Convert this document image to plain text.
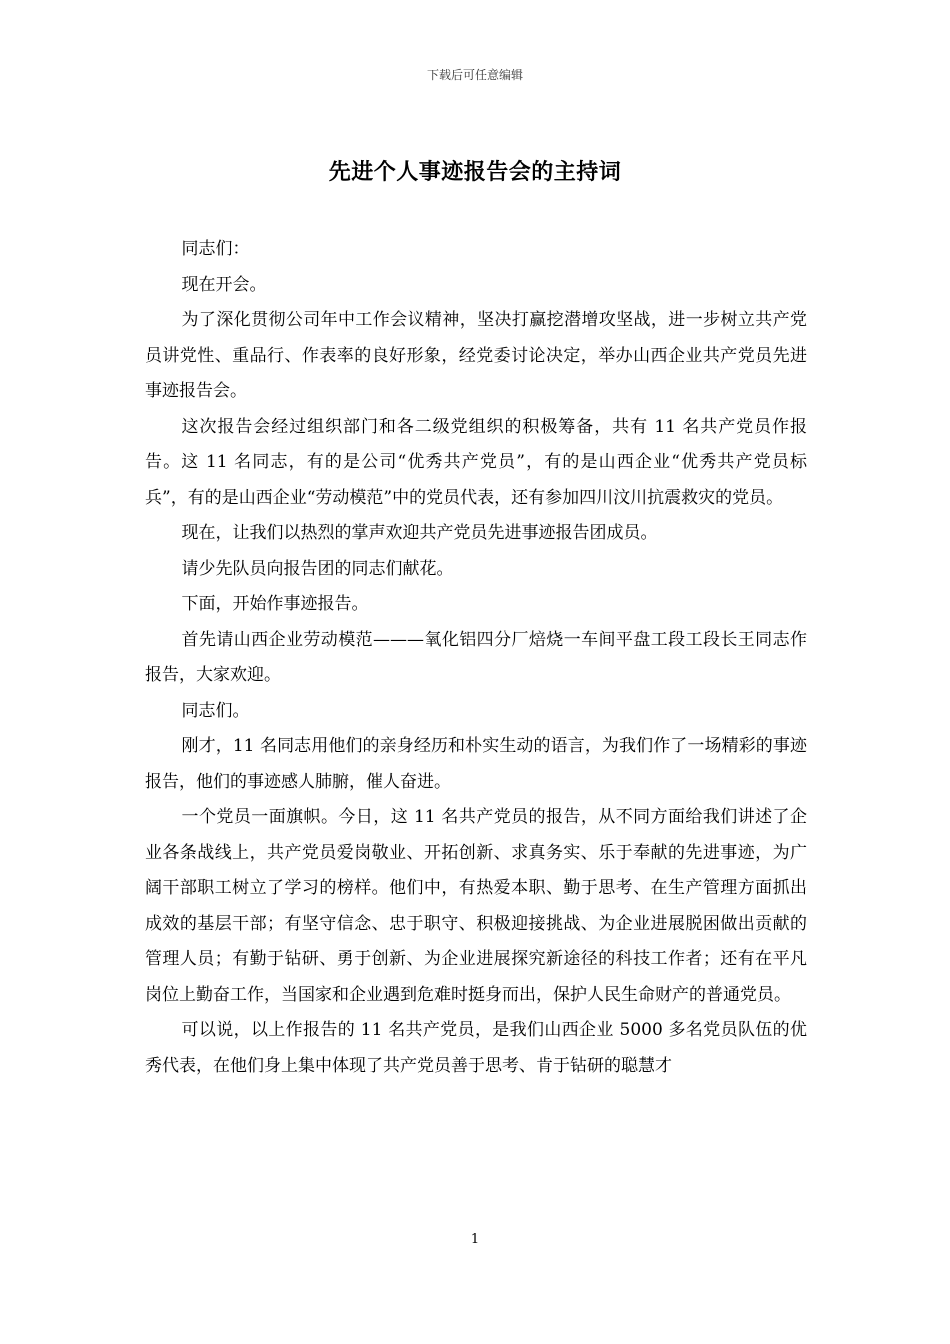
下载后可任意编辑
先进个人事迹报告会的主持词

同志们：

现在开会。

为了深化贯彻公司年中工作会议精神，坚决打赢挖潜增攻坚战，进一步树立共产党员讲党性、重品行、作表率的良好形象，经党委讨论决定，举办山西企业共产党员先进事迹报告会。

这次报告会经过组织部门和各二级党组织的积极筹备，共有 11 名共产党员作报告。这 11 名同志，有的是公司“优秀共产党员”，有的是山西企业“优秀共产党员标兵”，有的是山西企业“劳动模范”中的党员代表，还有参加四川汶川抗震救灾的党员。

现在，让我们以热烈的掌声欢迎共产党员先进事迹报告团成员。

请少先队员向报告团的同志们献花。

下面，开始作事迹报告。

首先请山西企业劳动模范———氧化铝四分厂焙烧一车间平盘工段工段长王同志作报告，大家欢迎。

同志们。

刚才，11 名同志用他们的亲身经历和朴实生动的语言，为我们作了一场精彩的事迹报告，他们的事迹感人肺腑，催人奋进。

一个党员一面旗帜。今日，这 11 名共产党员的报告，从不同方面给我们讲述了企业各条战线上，共产党员爱岗敬业、开拓创新、求真务实、乐于奉献的先进事迹，为广阔干部职工树立了学习的榜样。他们中，有热爱本职、勤于思考、在生产管理方面抓出成效的基层干部；有坚守信念、忠于职守、积极迎接挑战、为企业进展脱困做出贡献的管理人员；有勤于钻研、勇于创新、为企业进展探究新途径的科技工作者；还有在平凡岗位上勤奋工作，当国家和企业遇到危难时挺身而出，保护人民生命财产的普通党员。

可以说，以上作报告的 11 名共产党员，是我们山西企业 5000 多名党员队伍的优秀代表，在他们身上集中体现了共产党员善于思考、肯于钻研的聪慧才

1
